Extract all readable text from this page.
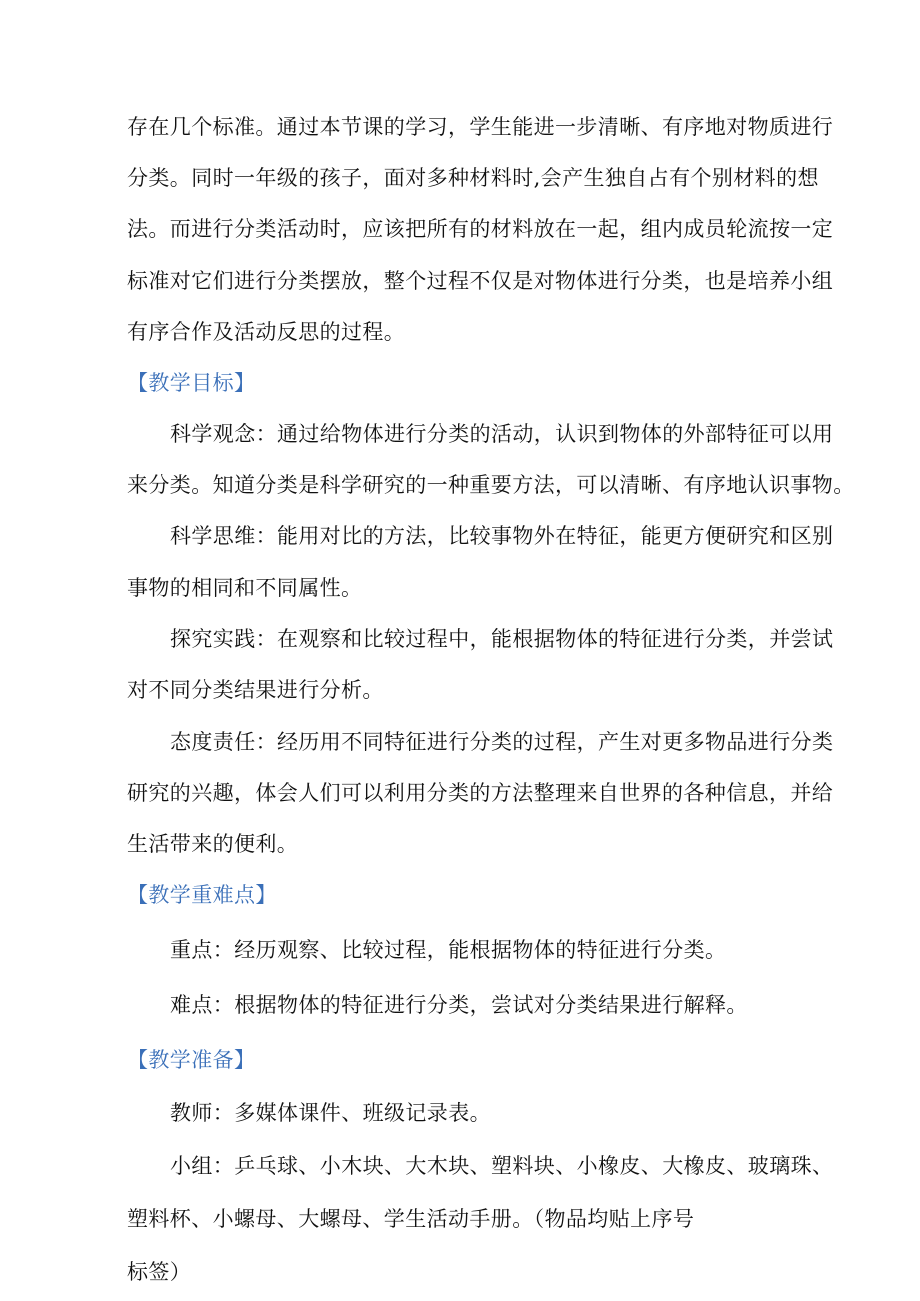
存在几个标准。通过本节课的学习，学生能进一步清晰、有序地对物质进行
分类。同时一年级的孩子，面对多种材料时,会产生独自占有个别材料的想
法。而进行分类活动时，应该把所有的材料放在一起，组内成员轮流按一定
标准对它们进行分类摆放，整个过程不仅是对物体进行分类，也是培养小组
有序合作及活动反思的过程。
【教学目标】
科学观念：通过给物体进行分类的活动，认识到物体的外部特征可以用
来分类。知道分类是科学研究的一种重要方法，可以清晰、有序地认识事物。
科学思维：能用对比的方法，比较事物外在特征，能更方便研究和区别
事物的相同和不同属性。
探究实践：在观察和比较过程中，能根据物体的特征进行分类，并尝试
对不同分类结果进行分析。
态度责任：经历用不同特征进行分类的过程，产生对更多物品进行分类
研究的兴趣，体会人们可以利用分类的方法整理来自世界的各种信息，并给
生活带来的便利。
【教学重难点】
重点：经历观察、比较过程，能根据物体的特征进行分类。
难点：根据物体的特征进行分类，尝试对分类结果进行解释。
【教学准备】
教师：多媒体课件、班级记录表。
小组：乒乓球、小木块、大木块、塑料块、小橡皮、大橡皮、玻璃珠、
塑料杯、小螺母、大螺母、学生活动手册。（物品均贴上序号
标签）
